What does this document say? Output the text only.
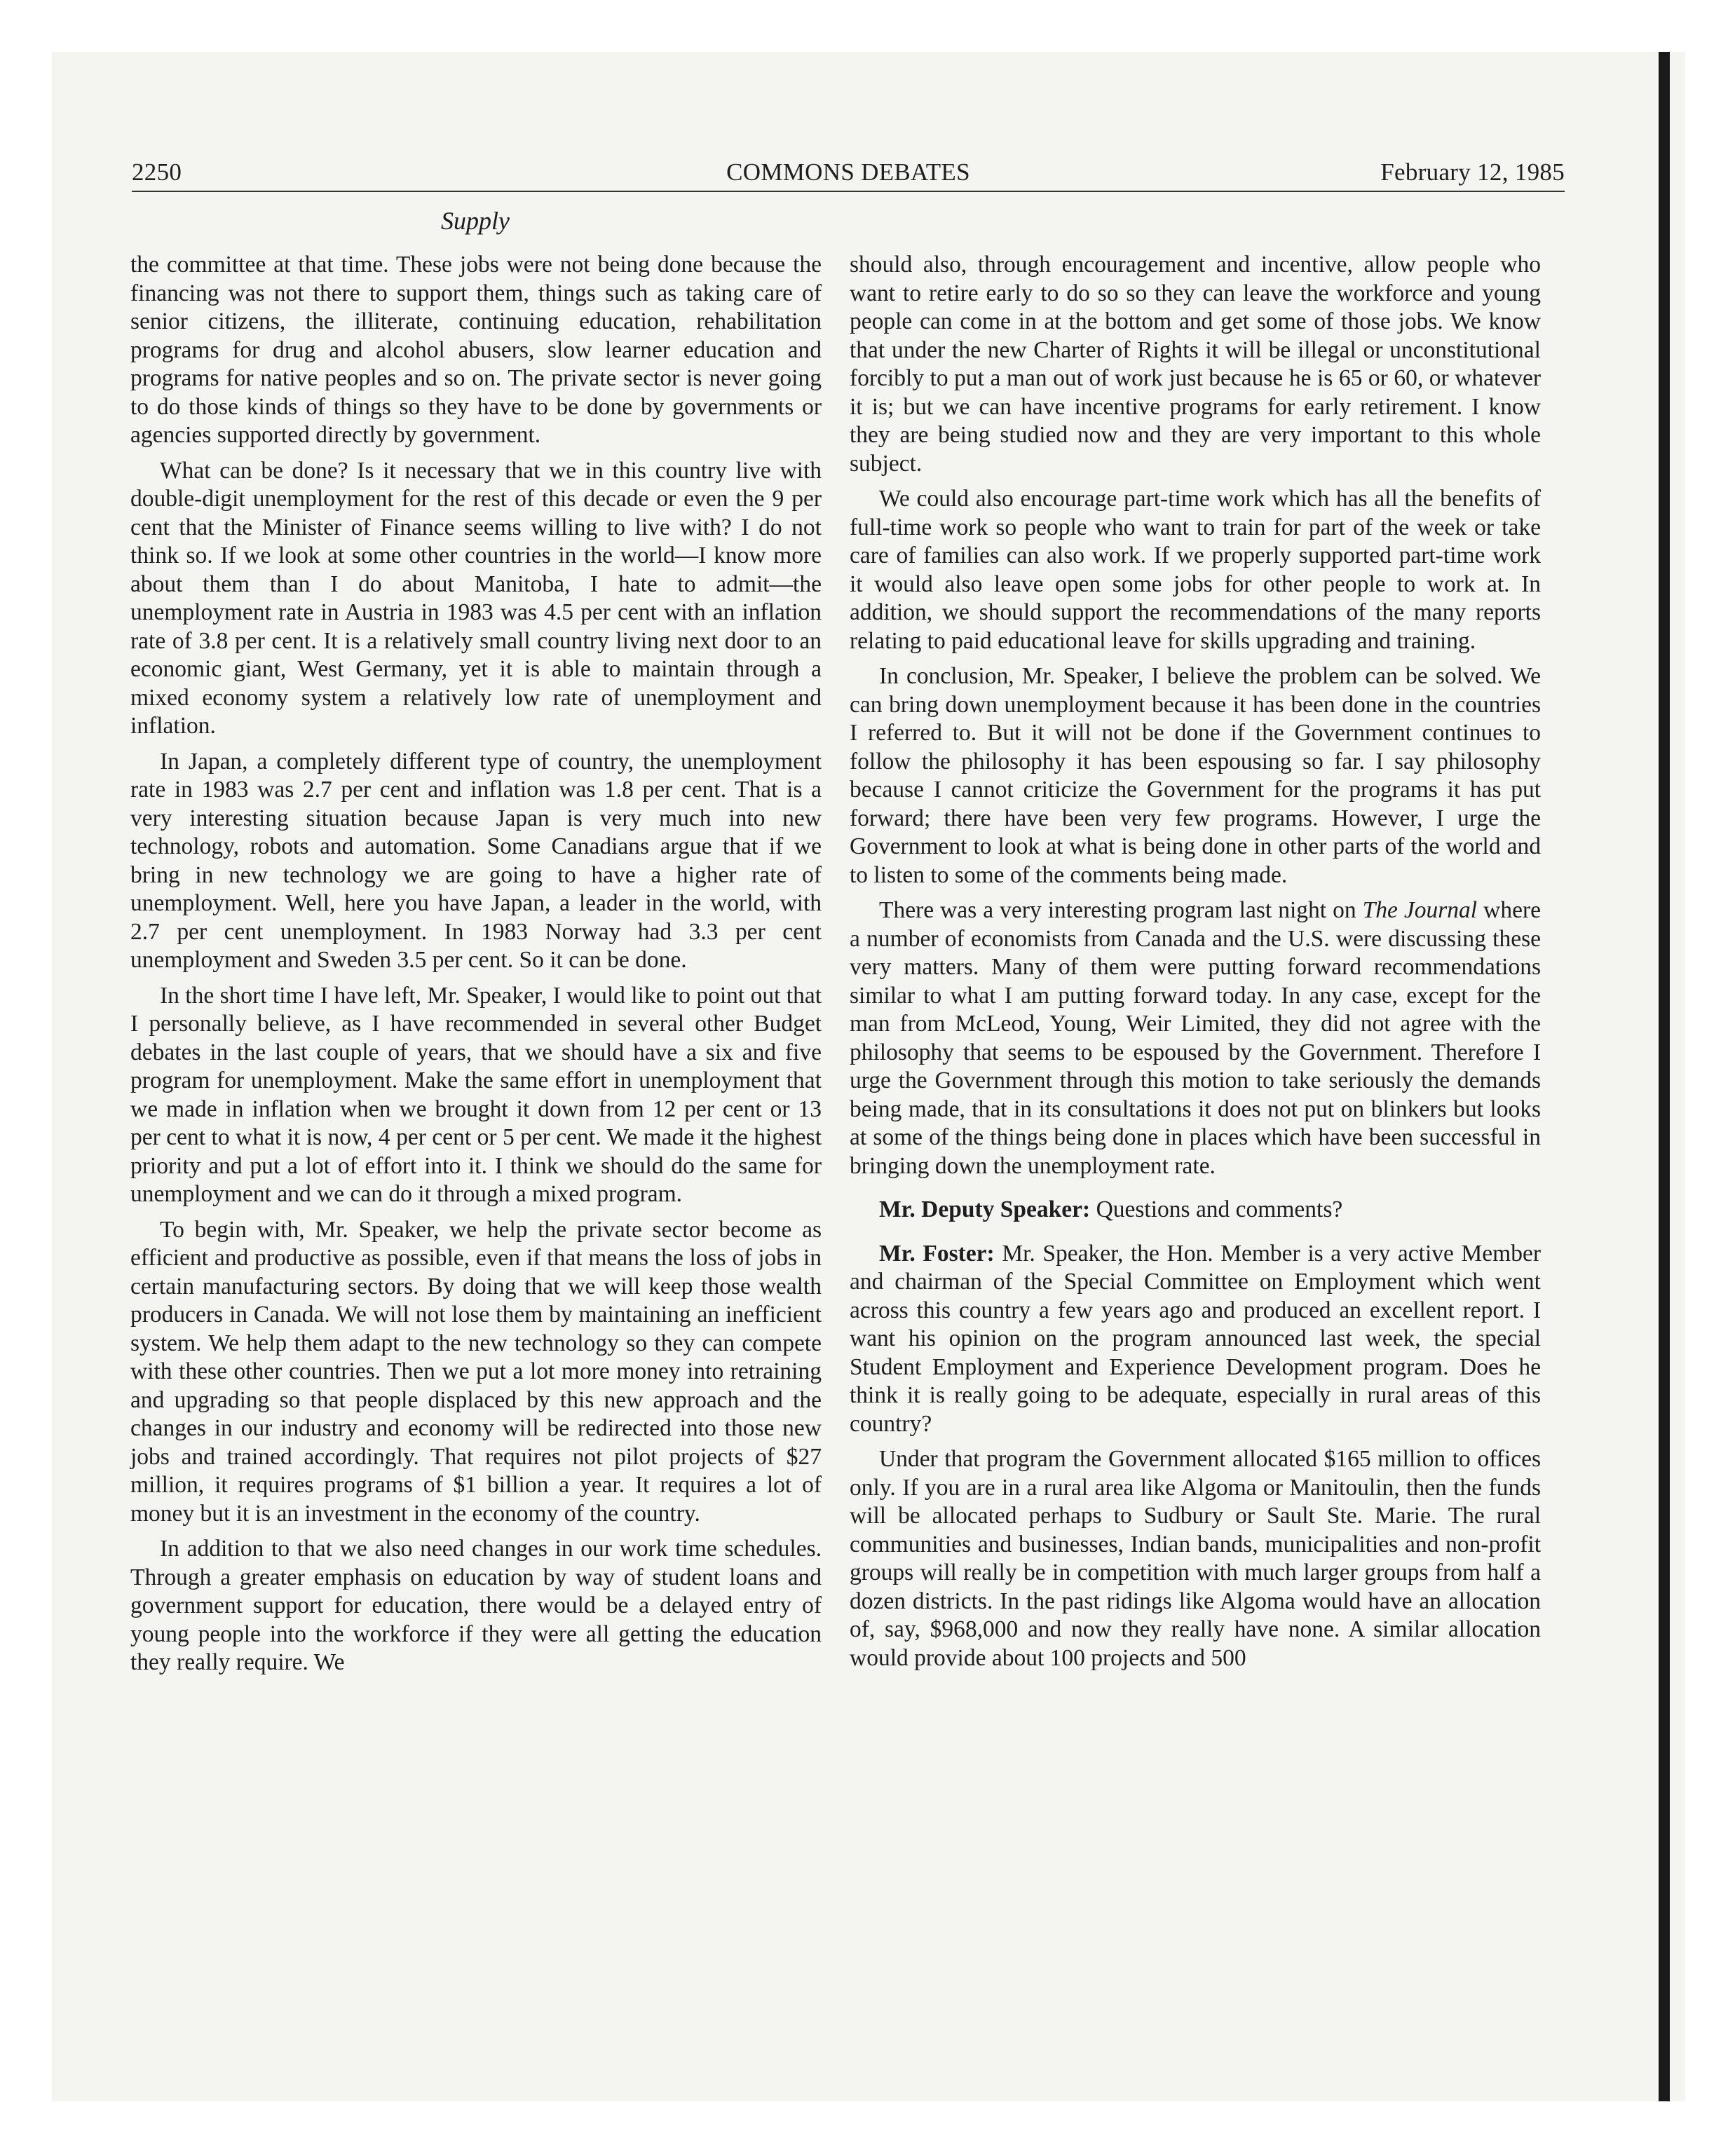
2250	COMMONS DEBATES	February 12, 1985
Supply

the committee at that time. These jobs were not being done because the financing was not there to support them, things such as taking care of senior citizens, the illiterate, continuing education, rehabilitation programs for drug and alcohol abusers, slow learner education and programs for native peoples and so on. The private sector is never going to do those kinds of things so they have to be done by governments or agencies supported directly by government.

What can be done? Is it necessary that we in this country live with double-digit unemployment for the rest of this decade or even the 9 per cent that the Minister of Finance seems willing to live with? I do not think so. If we look at some other countries in the world—I know more about them than I do about Manitoba, I hate to admit—the unemployment rate in Austria in 1983 was 4.5 per cent with an inflation rate of 3.8 per cent. It is a relatively small country living next door to an economic giant, West Germany, yet it is able to maintain through a mixed economy system a relatively low rate of unemployment and inflation.

In Japan, a completely different type of country, the unemployment rate in 1983 was 2.7 per cent and inflation was 1.8 per cent. That is a very interesting situation because Japan is very much into new technology, robots and automation. Some Canadians argue that if we bring in new technology we are going to have a higher rate of unemployment. Well, here you have Japan, a leader in the world, with 2.7 per cent unemployment. In 1983 Norway had 3.3 per cent unemployment and Sweden 3.5 per cent. So it can be done.

In the short time I have left, Mr. Speaker, I would like to point out that I personally believe, as I have recommended in several other Budget debates in the last couple of years, that we should have a six and five program for unemployment. Make the same effort in unemployment that we made in inflation when we brought it down from 12 per cent or 13 per cent to what it is now, 4 per cent or 5 per cent. We made it the highest priority and put a lot of effort into it. I think we should do the same for unemployment and we can do it through a mixed program.

To begin with, Mr. Speaker, we help the private sector become as efficient and productive as possible, even if that means the loss of jobs in certain manufacturing sectors. By doing that we will keep those wealth producers in Canada. We will not lose them by maintaining an inefficient system. We help them adapt to the new technology so they can compete with these other countries. Then we put a lot more money into retraining and upgrading so that people displaced by this new approach and the changes in our industry and economy will be redirected into those new jobs and trained accordingly. That requires not pilot projects of $27 million, it requires programs of $1 billion a year. It requires a lot of money but it is an investment in the economy of the country.

In addition to that we also need changes in our work time schedules. Through a greater emphasis on education by way of student loans and government support for education, there would be a delayed entry of young people into the workforce if they were all getting the education they really require. We

should also, through encouragement and incentive, allow people who want to retire early to do so so they can leave the workforce and young people can come in at the bottom and get some of those jobs. We know that under the new Charter of Rights it will be illegal or unconstitutional forcibly to put a man out of work just because he is 65 or 60, or whatever it is; but we can have incentive programs for early retirement. I know they are being studied now and they are very important to this whole subject.

We could also encourage part-time work which has all the benefits of full-time work so people who want to train for part of the week or take care of families can also work. If we properly supported part-time work it would also leave open some jobs for other people to work at. In addition, we should support the recommendations of the many reports relating to paid educational leave for skills upgrading and training.

In conclusion, Mr. Speaker, I believe the problem can be solved. We can bring down unemployment because it has been done in the countries I referred to. But it will not be done if the Government continues to follow the philosophy it has been espousing so far. I say philosophy because I cannot criticize the Government for the programs it has put forward; there have been very few programs. However, I urge the Government to look at what is being done in other parts of the world and to listen to some of the comments being made.

There was a very interesting program last night on The Journal where a number of economists from Canada and the U.S. were discussing these very matters. Many of them were putting forward recommendations similar to what I am putting forward today. In any case, except for the man from McLeod, Young, Weir Limited, they did not agree with the philosophy that seems to be espoused by the Government. Therefore I urge the Government through this motion to take seriously the demands being made, that in its consultations it does not put on blinkers but looks at some of the things being done in places which have been successful in bringing down the unemployment rate.

Mr. Deputy Speaker: Questions and comments?

Mr. Foster: Mr. Speaker, the Hon. Member is a very active Member and chairman of the Special Committee on Employment which went across this country a few years ago and produced an excellent report. I want his opinion on the program announced last week, the special Student Employment and Experience Development program. Does he think it is really going to be adequate, especially in rural areas of this country?

Under that program the Government allocated $165 million to offices only. If you are in a rural area like Algoma or Manitoulin, then the funds will be allocated perhaps to Sudbury or Sault Ste. Marie. The rural communities and businesses, Indian bands, municipalities and non-profit groups will really be in competition with much larger groups from half a dozen districts. In the past ridings like Algoma would have an allocation of, say, $968,000 and now they really have none. A similar allocation would provide about 100 projects and 500
